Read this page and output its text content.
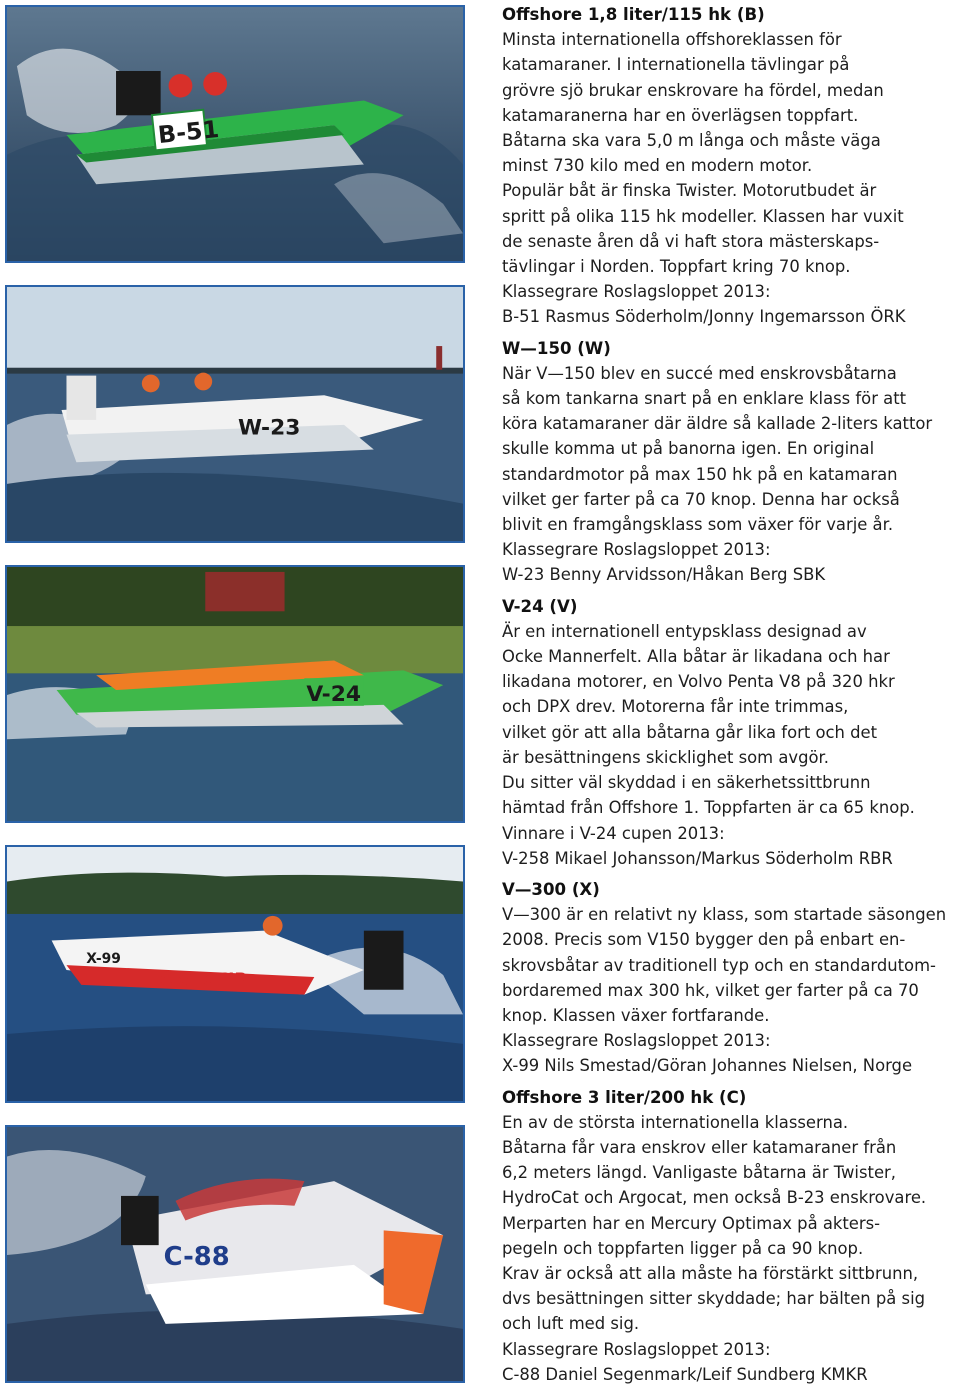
B-51
W-23
V-24
X-99
BESTCHIP
C-88
Offshore 1,8 liter/115 hk (B)

Minsta internationella offshoreklassen för
katamaraner. I internationella tävlingar på
grövre sjö brukar enskrovare ha fördel, medan
katamaranerna har en överlägsen toppfart.
Båtarna ska vara 5,0 m långa och måste väga
minst 730 kilo med en modern motor.
Populär båt är finska Twister. Motorutbudet är
spritt på olika 115 hk modeller. Klassen har vuxit
de senaste åren då vi haft stora mästerskaps-
tävlingar i Norden. Toppfart kring 70 knop.
Klassegrare Roslagsloppet 2013:
B-51 Rasmus Söderholm/Jonny Ingemarsson ÖRK

W—150 (W)

När V—150 blev en succé med enskrovsbåtarna
så kom tankarna snart på en enklare klass för att
köra katamaraner där äldre så kallade 2-liters kattor
skulle komma ut på banorna igen. En original
standardmotor på max 150 hk på en katamaran
vilket ger farter på ca 70 knop. Denna har också
blivit en framgångsklass som växer för varje år.
Klassegrare Roslagsloppet 2013:
W-23 Benny Arvidsson/Håkan Berg SBK

V-24 (V)

Är en internationell entypsklass designad av
Ocke Mannerfelt. Alla båtar är likadana och har
likadana motorer, en Volvo Penta V8 på 320 hkr
och DPX drev. Motorerna får inte trimmas,
vilket gör att alla båtarna går lika fort och det
är besättningens skicklighet som avgör.
Du sitter väl skyddad i en säkerhetssittbrunn
hämtad från Offshore 1. Toppfarten är ca 65 knop.
Vinnare i V-24 cupen 2013:
V-258 Mikael Johansson/Markus Söderholm RBR

V—300 (X)

V—300 är en relativt ny klass, som startade säsongen
2008. Precis som V150 bygger den på enbart en-
skrovsbåtar av traditionell typ och en standardutom-
bordaremed max 300 hk, vilket ger farter på ca 70
knop. Klassen växer fortfarande.
Klassegrare Roslagsloppet 2013:
X-99 Nils Smestad/Göran Johannes Nielsen, Norge

Offshore 3 liter/200 hk (C)

En av de största internationella klasserna.
Båtarna får vara enskrov eller katamaraner från
6,2 meters längd. Vanligaste båtarna är Twister,
HydroCat och Argocat, men också B-23 enskrovare.
Merparten har en Mercury Optimax på akters-
pegeln och toppfarten ligger på ca 90 knop.
Krav är också att alla måste ha förstärkt sittbrunn,
dvs besättningen sitter skyddade; har bälten på sig
och luft med sig.
Klassegrare Roslagsloppet 2013:
C-88 Daniel Segenmark/Leif Sundberg KMKR
